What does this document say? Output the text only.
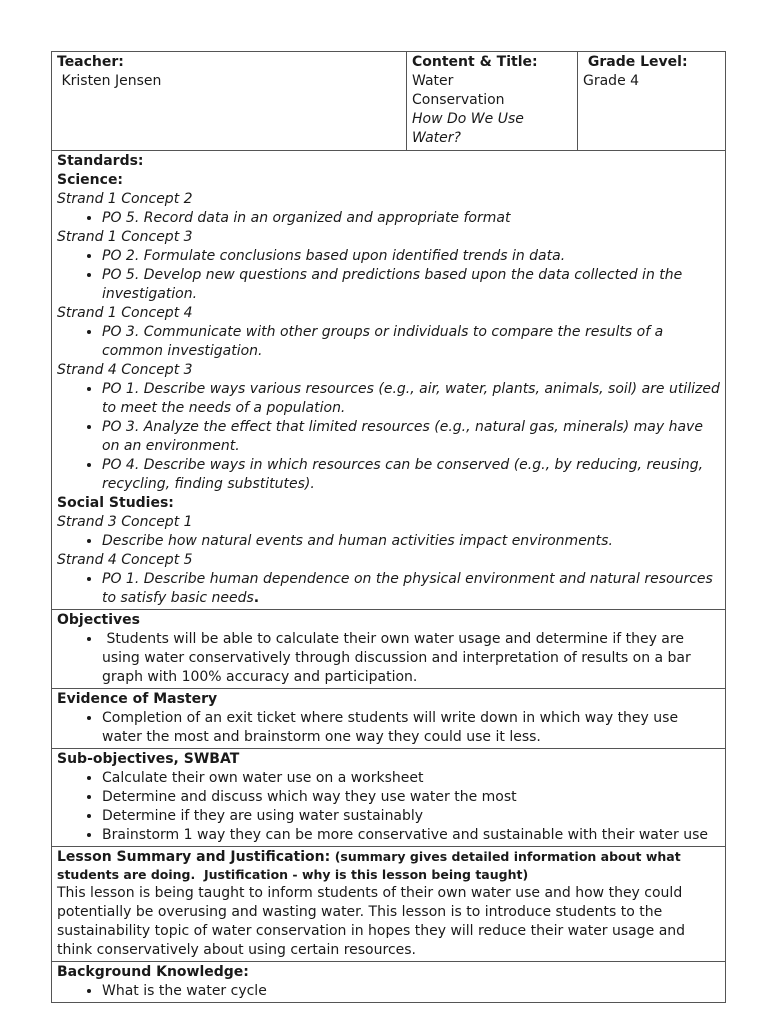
Teacher:
Kristen Jensen
Content & Title:
Water
Conservation
How Do We Use Water?
Grade Level:
Grade 4
Standards:
Science:
Strand 1 Concept 2
• PO 5. Record data in an organized and appropriate format
Strand 1 Concept 3
• PO 2. Formulate conclusions based upon identified trends in data.
• PO 5. Develop new questions and predictions based upon the data collected in the investigation.
Strand 1 Concept 4
• PO 3. Communicate with other groups or individuals to compare the results of a common investigation.
Strand 4 Concept 3
• PO 1. Describe ways various resources (e.g., air, water, plants, animals, soil) are utilized to meet the needs of a population.
• PO 3. Analyze the effect that limited resources (e.g., natural gas, minerals) may have on an environment.
• PO 4. Describe ways in which resources can be conserved (e.g., by reducing, reusing, recycling, finding substitutes).
Social Studies:
Strand 3 Concept 1
• Describe how natural events and human activities impact environments.
Strand 4 Concept 5
• PO 1. Describe human dependence on the physical environment and natural resources to satisfy basic needs.
Objectives
•  Students will be able to calculate their own water usage and determine if they are using water conservatively through discussion and interpretation of results on a bar graph with 100% accuracy and participation.
Evidence of Mastery
• Completion of an exit ticket where students will write down in which way they use water the most and brainstorm one way they could use it less.
Sub-objectives, SWBAT
• Calculate their own water use on a worksheet
• Determine and discuss which way they use water the most
• Determine if they are using water sustainably
• Brainstorm 1 way they can be more conservative and sustainable with their water use
Lesson Summary and Justification: (summary gives detailed information about what students are doing.  Justification - why is this lesson being taught)
This lesson is being taught to inform students of their own water use and how they could potentially be overusing and wasting water. This lesson is to introduce students to the sustainability topic of water conservation in hopes they will reduce their water usage and think conservatively about using certain resources.
Background Knowledge:
• What is the water cycle
